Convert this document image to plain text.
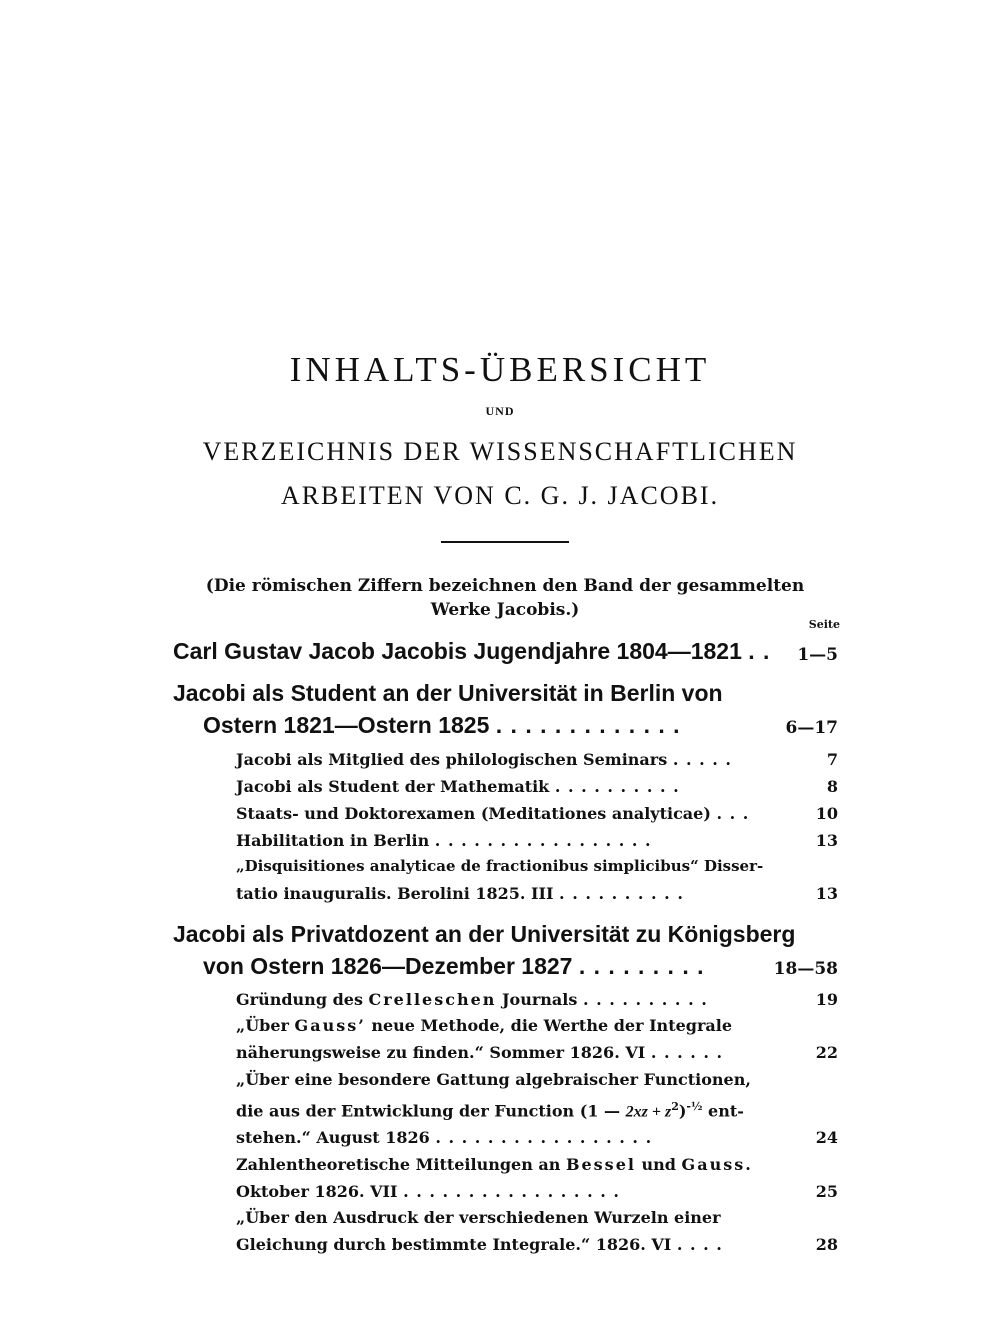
INHALTS-ÜBERSICHT
UND
VERZEICHNIS DER WISSENSCHAFTLICHEN
ARBEITEN VON C. G. J. JACOBI.
(Die römischen Ziffern bezeichnen den Band der gesammelten
Werke Jacobis.)
Seite
Carl Gustav Jacob Jacobis Jugendjahre 1804—1821 . .	1—5
Jacobi als Student an der Universität in Berlin von
Ostern 1821—Ostern 1825 . . . . . . . . . . . . .	6—17
Jacobi als Mitglied des philologischen Seminars . . . . .	7
Jacobi als Student der Mathematik . . . . . . . . . .	8
Staats- und Doktorexamen (Meditationes analyticae) . . .	10
Habilitation in Berlin . . . . . . . . . . . . . . . . .	13
„Disquisitiones analyticae de fractionibus simplicibus“ Disser-
tatio inauguralis. Berolini 1825. III . . . . . . . . . .	13
Jacobi als Privatdozent an der Universität zu Königsberg
von Ostern 1826—Dezember 1827 . . . . . . . . .	18—58
Gründung des Crelleschen Journals . . . . . . . . . .	19
„Über Gauss’ neue Methode, die Werthe der Integrale
näherungsweise zu finden.“ Sommer 1826. VI . . . . . .	22
„Über eine besondere Gattung algebraischer Functionen,
die aus der Entwicklung der Function (1 — $2xz + z^2)^{-\frac{1}{2}}$ ent-
stehen.“ August 1826 . . . . . . . . . . . . . . . . .	24
Zahlentheoretische Mitteilungen an Bessel und Gauss.
Oktober 1826. VII . . . . . . . . . . . . . . . . .	25
„Über den Ausdruck der verschiedenen Wurzeln einer
Gleichung durch bestimmte Integrale.“ 1826. VI . . . .	28
